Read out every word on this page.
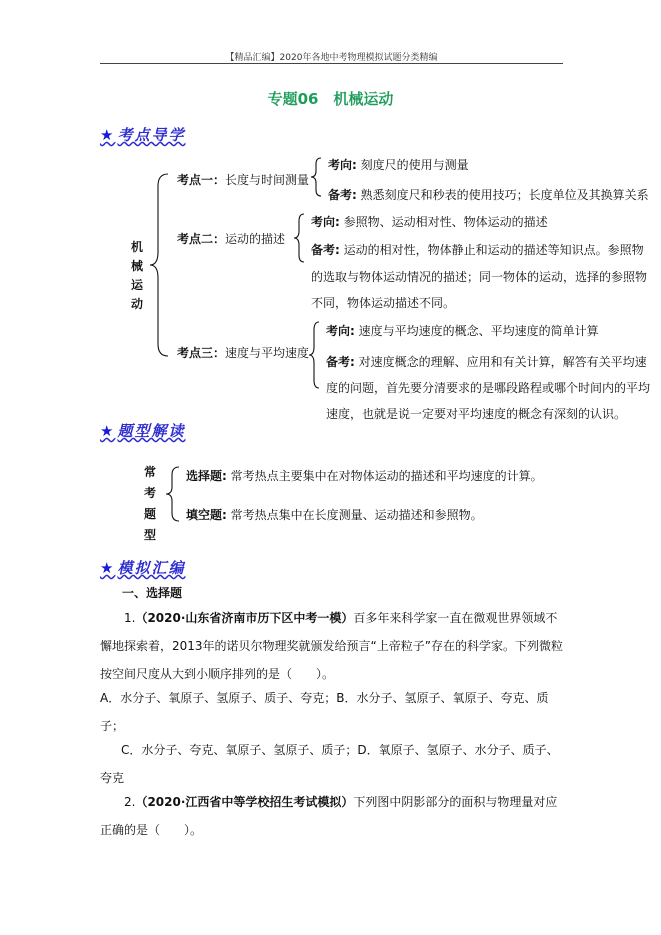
【精品汇编】2020年各地中考物理模拟试题分类精编
专题06　机械运动
★ 考点导学
机
械
运
动
考点一：长度与时间测量
考向: 刻度尺的使用与测量
备考: 熟悉刻度尺和秒表的使用技巧；长度单位及其换算关系
考点二：运动的描述
考向: 参照物、运动相对性、物体运动的描述
备考: 运动的相对性，物体静止和运动的描述等知识点。参照物
的选取与物体运动情况的描述；同一物体的运动，选择的参照物
不同，物体运动描述不同。
考点三：速度与平均速度
考向: 速度与平均速度的概念、平均速度的简单计算
备考: 对速度概念的理解、应用和有关计算，解答有关平均速
度的问题，首先要分清要求的是哪段路程或哪个时间内的平均
速度，也就是说一定要对平均速度的概念有深刻的认识。
★ 题型解读
常
考
题
型
选择题: 常考热点主要集中在对物体运动的描述和平均速度的计算。
填空题: 常考热点集中在长度测量、运动描述和参照物。
★ 模拟汇编
一、选择题
1.（2020·山东省济南市历下区中考一模）百多年来科学家一直在微观世界领域不懈地探索着，2013年的诺贝尔物理奖就颁发给预言“上帝粒子”存在的科学家。下列微粒按空间尺度从大到小顺序排列的是（　　）。
A．水分子、氧原子、氢原子、质子、夸克；B．水分子、氢原子、氧原子、夸克、质子；
C．水分子、夸克、氧原子、氢原子、质子；D．氧原子、氢原子、水分子、质子、夸克
2.（2020·江西省中等学校招生考试模拟）下列图中阴影部分的面积与物理量对应正确的是（　　）。
